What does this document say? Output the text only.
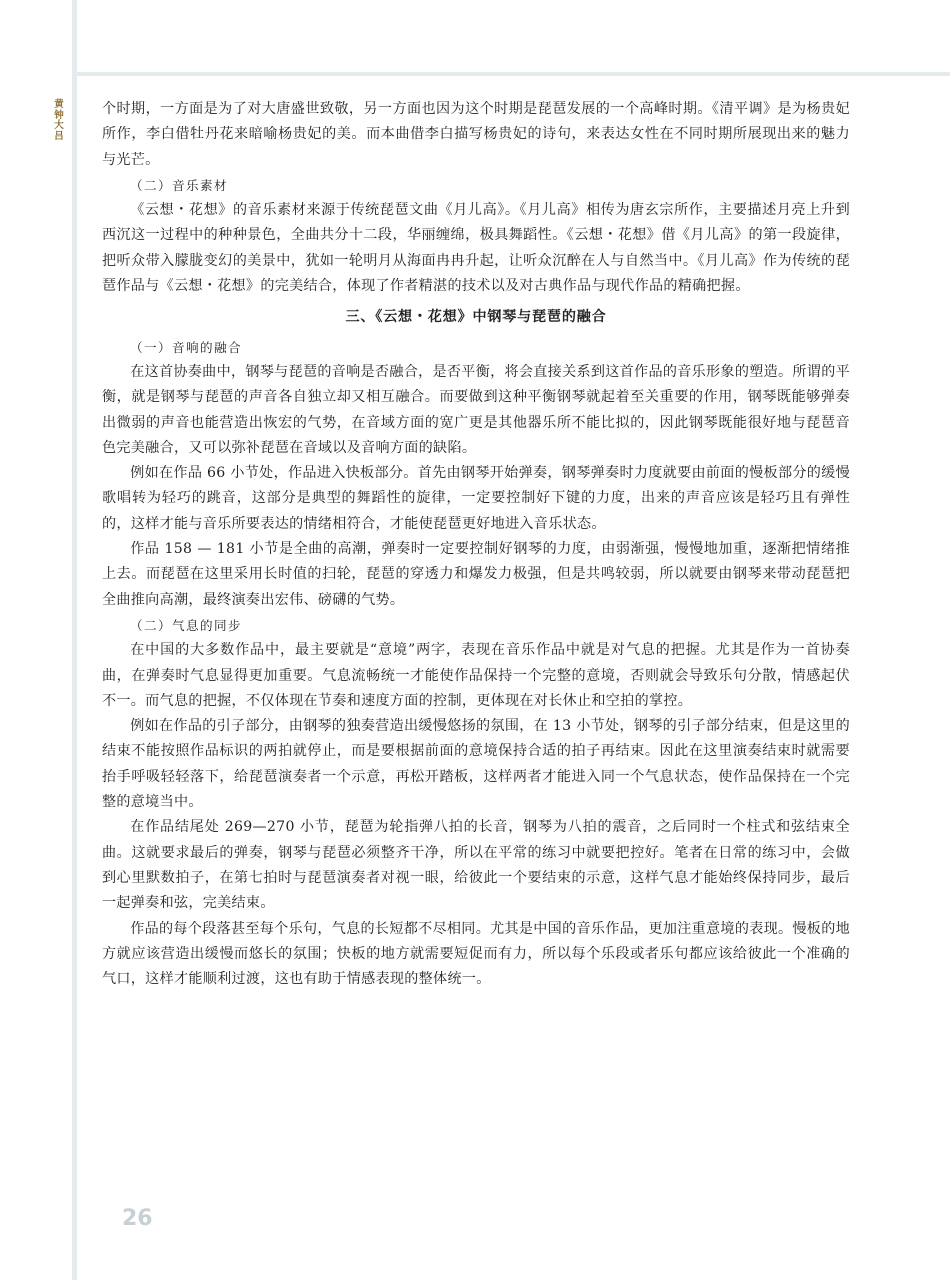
黄钟大吕

个时期，一方面是为了对大唐盛世致敬，另一方面也因为这个时期是琵琶发展的一个高峰时期。《清平调》是为杨贵妃所作，李白借牡丹花来暗喻杨贵妃的美。而本曲借李白描写杨贵妃的诗句，来表达女性在不同时期所展现出来的魅力与光芒。

（二）音乐素材

《云想・花想》的音乐素材来源于传统琵琶文曲《月儿高》。《月儿高》相传为唐玄宗所作，主要描述月亮上升到西沉这一过程中的种种景色，全曲共分十二段，华丽缠绵，极具舞蹈性。《云想・花想》借《月儿高》的第一段旋律，把听众带入朦胧变幻的美景中，犹如一轮明月从海面冉冉升起，让听众沉醉在人与自然当中。《月儿高》作为传统的琵琶作品与《云想・花想》的完美结合，体现了作者精湛的技术以及对古典作品与现代作品的精确把握。

三、《云想・花想》中钢琴与琵琶的融合

（一）音响的融合

在这首协奏曲中，钢琴与琵琶的音响是否融合，是否平衡，将会直接关系到这首作品的音乐形象的塑造。所谓的平衡，就是钢琴与琵琶的声音各自独立却又相互融合。而要做到这种平衡钢琴就起着至关重要的作用，钢琴既能够弹奏出微弱的声音也能营造出恢宏的气势，在音域方面的宽广更是其他器乐所不能比拟的，因此钢琴既能很好地与琵琶音色完美融合，又可以弥补琵琶在音域以及音响方面的缺陷。

例如在作品 66 小节处，作品进入快板部分。首先由钢琴开始弹奏，钢琴弹奏时力度就要由前面的慢板部分的缓慢歌唱转为轻巧的跳音，这部分是典型的舞蹈性的旋律，一定要控制好下键的力度，出来的声音应该是轻巧且有弹性的，这样才能与音乐所要表达的情绪相符合，才能使琵琶更好地进入音乐状态。

作品 158 — 181 小节是全曲的高潮，弹奏时一定要控制好钢琴的力度，由弱渐强，慢慢地加重，逐渐把情绪推上去。而琵琶在这里采用长时值的扫轮，琵琶的穿透力和爆发力极强，但是共鸣较弱，所以就要由钢琴来带动琵琶把全曲推向高潮，最终演奏出宏伟、磅礴的气势。

（二）气息的同步

在中国的大多数作品中，最主要就是“意境”两字，表现在音乐作品中就是对气息的把握。尤其是作为一首协奏曲，在弹奏时气息显得更加重要。气息流畅统一才能使作品保持一个完整的意境，否则就会导致乐句分散，情感起伏不一。而气息的把握，不仅体现在节奏和速度方面的控制，更体现在对长休止和空拍的掌控。

例如在作品的引子部分，由钢琴的独奏营造出缓慢悠扬的氛围，在 13 小节处，钢琴的引子部分结束，但是这里的结束不能按照作品标识的两拍就停止，而是要根据前面的意境保持合适的拍子再结束。因此在这里演奏结束时就需要抬手呼吸轻轻落下，给琵琶演奏者一个示意，再松开踏板，这样两者才能进入同一个气息状态，使作品保持在一个完整的意境当中。

在作品结尾处 269—270 小节，琵琶为轮指弹八拍的长音，钢琴为八拍的震音，之后同时一个柱式和弦结束全曲。这就要求最后的弹奏，钢琴与琵琶必须整齐干净，所以在平常的练习中就要把控好。笔者在日常的练习中，会做到心里默数拍子，在第七拍时与琵琶演奏者对视一眼，给彼此一个要结束的示意，这样气息才能始终保持同步，最后一起弹奏和弦，完美结束。

作品的每个段落甚至每个乐句，气息的长短都不尽相同。尤其是中国的音乐作品，更加注重意境的表现。慢板的地方就应该营造出缓慢而悠长的氛围；快板的地方就需要短促而有力，所以每个乐段或者乐句都应该给彼此一个准确的气口，这样才能顺利过渡，这也有助于情感表现的整体统一。

26
